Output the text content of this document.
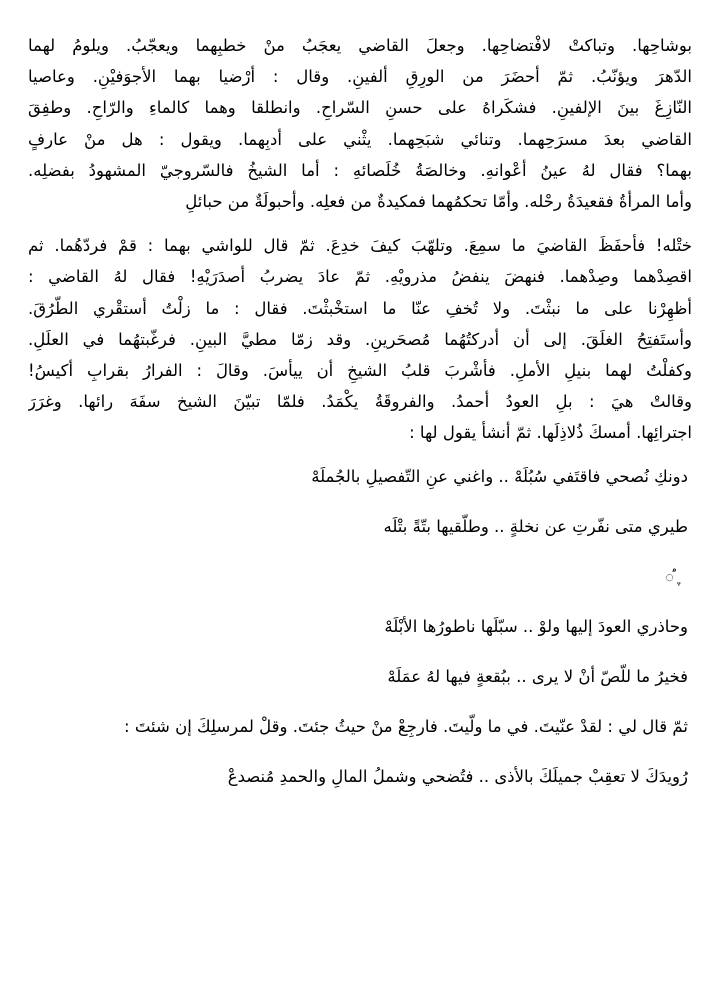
بوشاحِها. وتباكتْ لافْتضاحِها. وجعلَ القاضي يعجَبُ منْ خطبِهما ويعجّبُ. ويلومُ لهما
الدّهرَ ويؤنّبُ. ثمّ أحضَرَ من الورِقِ ألفينِ. وقال : أرْضيا بهما الأجوَفيْنِ. وعاصيا
النّازِغَ بينَ الإلفينِ. فشكَراهُ على حسنِ السّراحِ. وانطلقا وهما كالماءِ والرّاحِ. وطفِقَ
القاضي بعدَ مسرَحِهما. وتنائي شبَحِهما. يثْني على أدبِهما. ويقول : هل منْ عارفٍ
بهما؟ فقال لهُ عينُ أعْوانهِ. وخالصَةُ خُلَصائهِ : أما الشيخُ فالسّروجيّ المشهودُ بفضلِه.
وأما المرأةُ فقعيدَةُ رحْله. وأمّا تحكمُهما فمكيدةٌ من فعلِه. وأحبولَةٌ من حبائلِ
ختْله! فأحفَظَ القاضيَ ما سمِعَ. وتلهّبَ كيفَ خدِعَ. ثمّ قال للواشي بهما : قمْ فردّهُما. ثم
اقصِدْهما وصِدْهما. فنهضَ ينفضُ مذرويْهِ. ثمّ عادَ يضربُ أصدَرَيْهِ! فقال لهُ القاضي :
أظهِرْنا على ما نبثْتَ. ولا تُخفِ عنّا ما استخْبثْتَ. فقال : ما زلْتُ أستقْري الطّرُقَ.
وأستَفتِحُ الغلَقَ. إلى أن أدركتُهُما مُصحَرينِ. وقد زمّا مطيَّ البينِ. فرغّبتهُما في العلَلِ.
وكفلْتُ لهما بنيلِ الأملِ. فأشْربَ قلبُ الشيخِ أن ييأسَ. وقالَ : الفرارُ بقرابِ أكيسُ!
وقالتْ هيَ : بلِ العودُ أحمدُ. والفروقَةُ يكْمَدُ. فلمّا تبيّنَ الشيخ سفَهَ رائها. وغرَرَ
اجترائِها. أمسكَ ذُلاذِلَها. ثمّ أنشأ يقول لها :
دونكِ نُصحي فاقتَفي سُبُلَهْ .. واغني عنِ التّفصيلِ بالجُملَهْ
طيري متى نفّرتِ عن نخلةٍ .. وطلّقيها بتّةً بتْلَه
ֶֶ◌֠
وحاذري العودَ إليها ولوْ .. سبّلَها ناطورُها الأبْلَهْ
فخيرُ ما للّصّ أنْ لا يرى .. ببُقعةٍ فيها لهُ عمَلَهْ
ثمّ قال لي : لقدْ عنّيتَ. في ما ولّيتَ. فارجِعْ منْ حيثُ جئتَ. وقلْ لمرسلِكَ إن شئتَ :
رُويدَكَ لا تعقِبْ جميلَكَ بالأذى .. فتُضحي وشملُ المالِ والحمدِ مُنصدعْ
